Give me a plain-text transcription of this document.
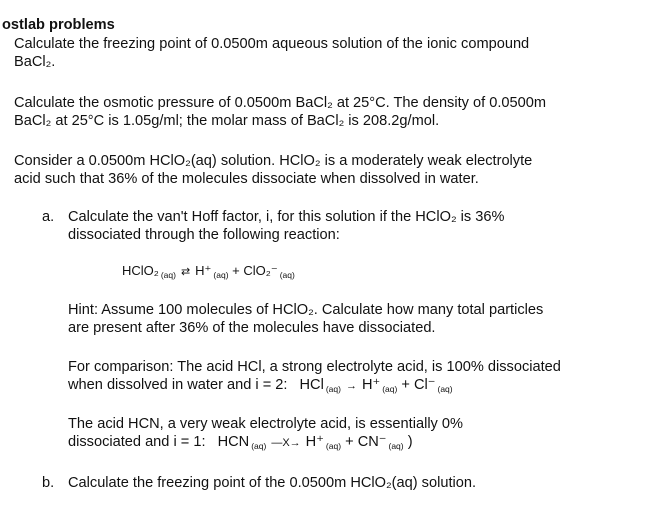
ostlab problems
Calculate the freezing point of 0.0500m aqueous solution of the ionic compound
BaCl₂.
Calculate the osmotic pressure of 0.0500m BaCl₂ at 25°C. The density of 0.0500m
BaCl₂ at 25°C is 1.05g/ml; the molar mass of BaCl₂ is 208.2g/mol.
Consider a 0.0500m HClO₂(aq) solution. HClO₂ is a moderately weak electrolyte
acid such that 36% of the molecules dissociate when dissolved in water.
a. Calculate the van't Hoff factor, i, for this solution if the HClO₂ is 36%
dissociated through the following reaction:
HClO₂ $_{(aq)}$ ⇄ H⁺ $_{(aq)}$ + ClO₂⁻ $_{(aq)}$
Hint: Assume 100 molecules of HClO₂. Calculate how many total particles
are present after 36% of the molecules have dissociated.
For comparison: The acid HCl, a strong electrolyte acid, is 100% dissociated
when dissolved in water and i = 2: HCl $_{(aq)}$ → H⁺ $_{(aq)}$ + Cl⁻ $_{(aq)}$
The acid HCN, a very weak electrolyte acid, is essentially 0%
dissociated and i = 1: HCN $_{(aq)}$ —X→ H⁺ $_{(aq)}$ + CN⁻ $_{(aq)}$ )
b. Calculate the freezing point of the 0.0500m HClO₂(aq) solution.
